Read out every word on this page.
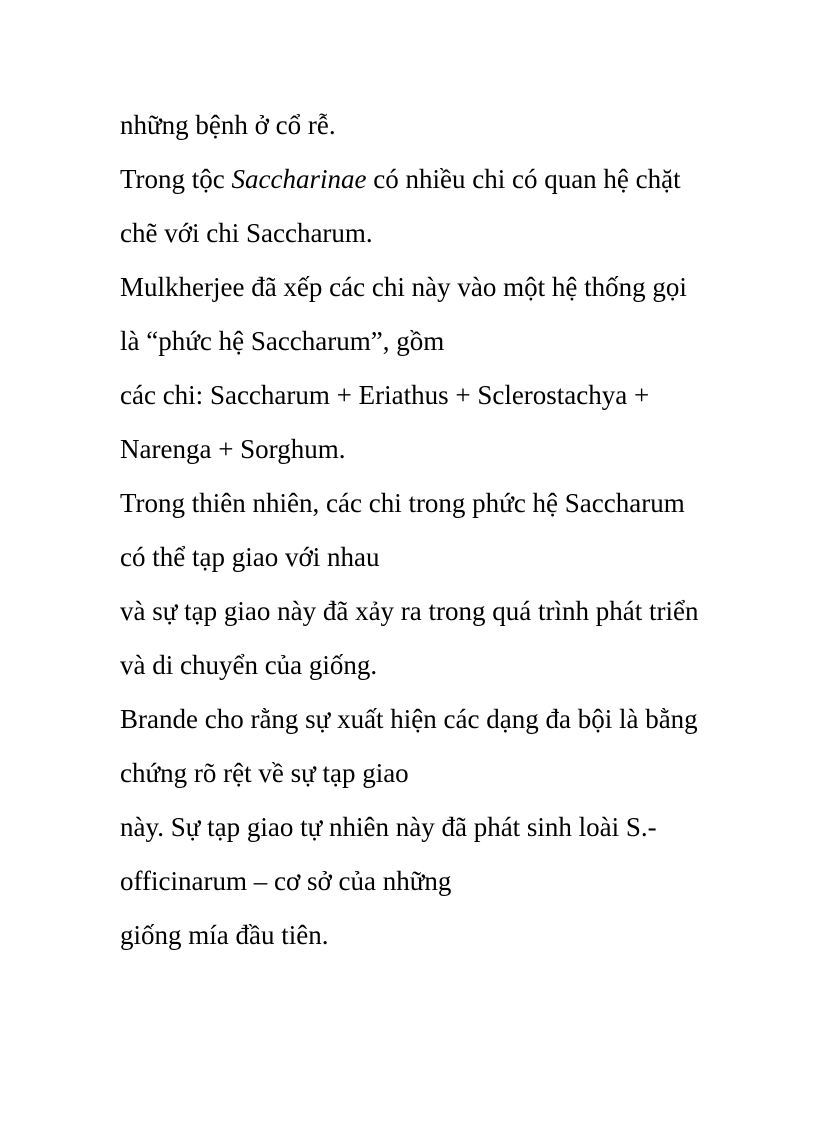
những bệnh ở cổ rễ.
Trong tộc Saccharinae có nhiều chi có quan hệ chặt
chẽ với chi Saccharum.
Mulkherjee đã xếp các chi này vào một hệ thống gọi
là “phức hệ Saccharum”, gồm
các chi: Saccharum + Eriathus + Sclerostachya +
Narenga + Sorghum.
Trong thiên nhiên, các chi trong phức hệ Saccharum
có thể tạp giao với nhau
và sự tạp giao này đã xảy ra trong quá trình phát triển
và di chuyển của giống.
Brande cho rằng sự xuất hiện các dạng đa bội là bằng
chứng rõ rệt về sự tạp giao
này. Sự tạp giao tự nhiên này đã phát sinh loài S.-
officinarum – cơ sở của những
giống mía đầu tiên.
